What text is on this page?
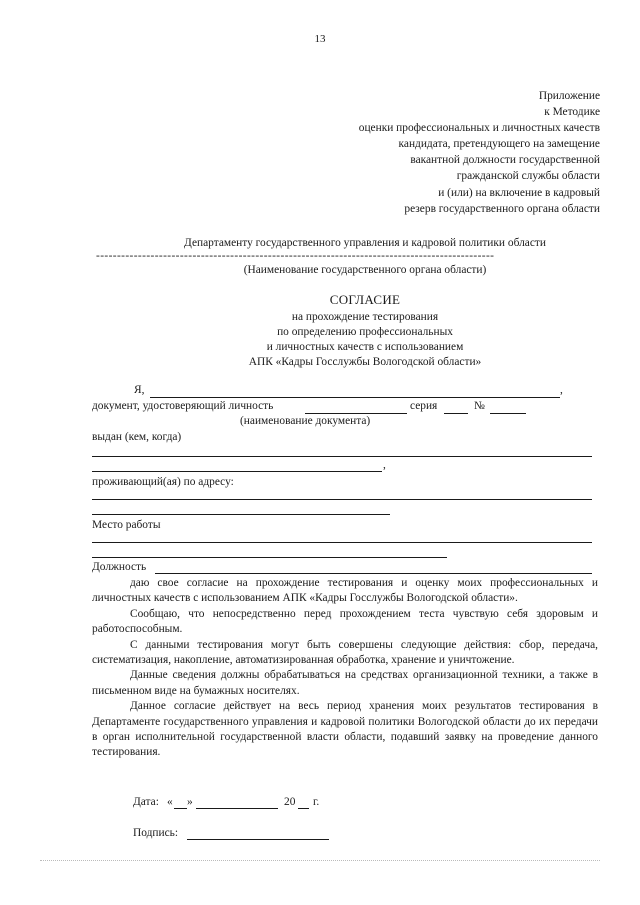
13
Приложение
к Методике
оценки профессиональных и личностных качеств
кандидата, претендующего на замещение
вакантной должности государственной
гражданской службы области
и (или) на включение в кадровый
резерв государственного органа области
Департаменту государственного управления и кадровой политики области
-----------------------------------------------------------------------------------------------
(Наименование государственного органа области)
СОГЛАСИЕ
на прохождение тестирования
по определению профессиональных
и личностных качеств с использованием
АПК «Кадры Госслужбы Вологодской области»
Я,	,
документ, удостоверяющий личность	серия	№
(наименование документа)
выдан (кем, когда)
,
проживающий(ая) по адресу:
Место работы
Должность

даю свое согласие на прохождение тестирования и оценку моих профессиональных и личностных качеств с использованием АПК «Кадры Госслужбы Вологодской области».

Сообщаю, что непосредственно перед прохождением теста чувствую себя здоровым и работоспособным.

С данными тестирования могут быть совершены следующие действия: сбор, передача, систематизация, накопление, автоматизированная обработка, хранение и уничтожение.

Данные сведения должны обрабатываться на средствах организационной техники, а также в письменном виде на бумажных носителях.

Данное согласие действует на весь период хранения моих результатов тестирования в Департаменте государственного управления и кадровой политики Вологодской области до их передачи в орган исполнительной государственной власти области, подавший заявку на проведение данного тестирования.

Дата: « »	20 г.
Подпись:
